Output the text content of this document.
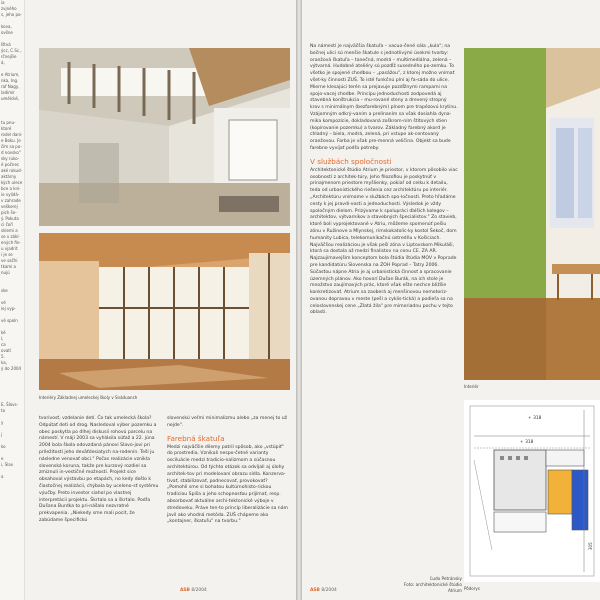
ia
zvjného
s, jeho po-

kova,
ovšne

Ištvá
ýcc, C.Sc.,
rčnejšie
á,

e Atrium,
nka, Ing.
raf Nagy,
ladimír
umělcké,

tu pnu-
ktoré
rodel dani-
e Boku. Je
čím sa po-
d novsko"
sky ruko-
é počnec
aké rokud-
aktárny
kých ulece
bce a kni-
ie vylidá-
v zahrade
veškerej
pich še-
ý. Pokuta
ci čoří
sklemi a
se v zákl-
ených fin-
u vjadrit
i je se
ve sačhi
tkami a
nujú

ske

vé
iej vyp-

vé spoln

ké
l,
ca
ovatí
5.
ka,
ý do 2004

E, Šlovs-
to

y

j

ko

e
i, Slav

a

Interiéry Základnej umeleckej školy v Snáduanch

tvorivosť, vzdelanie detí. Čo tak umelecká škola? Odpútať deti od drog. Nasledoval výber pozemku a obec poskytla po dlhej diskusii rohovú parcelu na námestí. V máji 2003 sa vyhlásila súťaž a 22. júna 2004 bola škola odovzdaná pánovi Slavo-jovi pri príležitosti jeho deväťdesiatych na-rodenín. Teší ju následne venovať obci." Počas realizácie vznikla slovenská koruna, takže pre kurzový rozdiel sa zmiznuli in-vestičné možnosti. Projekt sice obsahoval výstavbu po etapách, no kedy došlo k čiastočnej realizácii, chýbala by uceleno-sť systému výučby. Preto investor siahol po vlastnej interpretácii projektu. Škrtalo sa a škrtalo. Podľa Dušana Burdka to pri-nášalo nezvratné prekvapenia. „Niekedy sme mali pocit, že zabúdame špecifickú

slovenskú veľmi minimalizmu alebo „za menej to už nejde".

Farebná škatuľa

Medzi najväčšie dilemy patril spôsob, ako „vstúpiť" do prostredia. Vznikali nespo-četné varianty osciluácie medzi tradicio-nalizmom a súčasnou architektúrou. Od týchto otázok sa odvíjali aj úlohy architek-tov pri modelovaní obrazu sídla. Konzerva-tivať, stabilizovať, podnecovať, provokovať? „Pomohli sme si bohatou kultúrnohisto-rickou tradíciou Spiša a jeho schopnosťou prijímať, resp. absorbovať aktuálne archi-tektonické výboje v stredoveku. Práve ten-to princíp liberalizácie sa nám javil ako vhodná metóda. ZUŠ chápeme ako „kontajner, škatuľu" na tvorbu."

ASB 8/2004

Na námestí je najväčšia škatuľa – vacuo-čené sála „kula"; na bočnej ulici sú menšie škatule s jednotlivými úsekmi tvorby: oranžová škatuľa – tanečná, modrá – multimediálna, zelená – výtvarná. Hudobné ateliéry sú pozdĺž susedného po-zemku. To všetko je spojené chodbou – „pasážou", z ktorej možno vnímať všet-ky činnosti ZUŠ. To isté funkčnú plní aj fa-sáda do ulice. Mierne klesajúci terén sa prejavuje pozdĺžnymi rampami na spojo-vacej chodbe. Princípu jednoduchosti zodpovedá aj stavebná konštrukcia – mu-rované steny a drevený stropný krov s minimálnym (bezfarebným) plnom pre trapézovú krytinu. Vzájomným odkrý-vaním a prelínaním sa však dosiahla dyna-mika kompozície, dokladovaná zoškrom-ním štítových stien (kopírovanie pozemku) a tvarov. Základný farebný akord je chladný – biela, modrá, zelená, pri vstupe ak-centovaný oranžovou. Farba je však pre-menná veličina. Objekt sa bude farebne vyvíjať podľa potreby.

V službách spoločnosti

Architektonické štúdio Atrium je priestor, v ktorom pôsobilo viac osobností z architek-túry, Jeho filozofiou je poskytnúť v prinajmenom priestore myšlienky, pokiaľ od celku k detailu, teda od urbanistického riešenia cez architektúru po interiér. „Architektúru vnímame v službách spo-ločnosti. Preto hľadáme cesty k jej pravdi-vosti a jednoduchosti. Výsledok je vždy spoločným dielom. Prizývame k spolupráci ďalších kolegov – architektov, výtvarníkov a stavebných špecialistov." Zo stavieb, ktoré boli vyprojektované v Atriu, môžeme spomenúť pešiu zónu v Ružinove a Mlynskej, rímskokatolíc-ky kostol Šekoč, dom humanity Lubica, telekomunikačnú ústredňu v Košiciach. Najväčšou realizáciou je však peší zóna v Liptovskom Mikuláši, ktorá sa dostala až medzi finalistov na cenu CE. ZA AR. Najzaujímavejším konceptom bola štúdia štúdia MOV v Poprade pre kandidatúru Slovenska na ZOH Poprad – Tatry 2006. Súčasťou nápne Atria je aj urbanistická činnosť a spracovanie územných plánov. Ako hovorí Dušan Burák, na ich stole je množstvo zaujímavých prác, ktoré však ešte nechce bližšie konkretizovať. Atrium sa zaoberá aj menšinovou nemotoriz-ovanou dopravou v meste (peší a cyklis-tická) a podieľa sa na celoslovenskej cene „Zlatá žila" pre mimoriadnu pochu v tejto oblasti.

Ľudo Petránsky
Foto: architektonické štúdio Atrium
Interiér
+ 318
+ 318
305
Pôdorys
ASB 8/2004
